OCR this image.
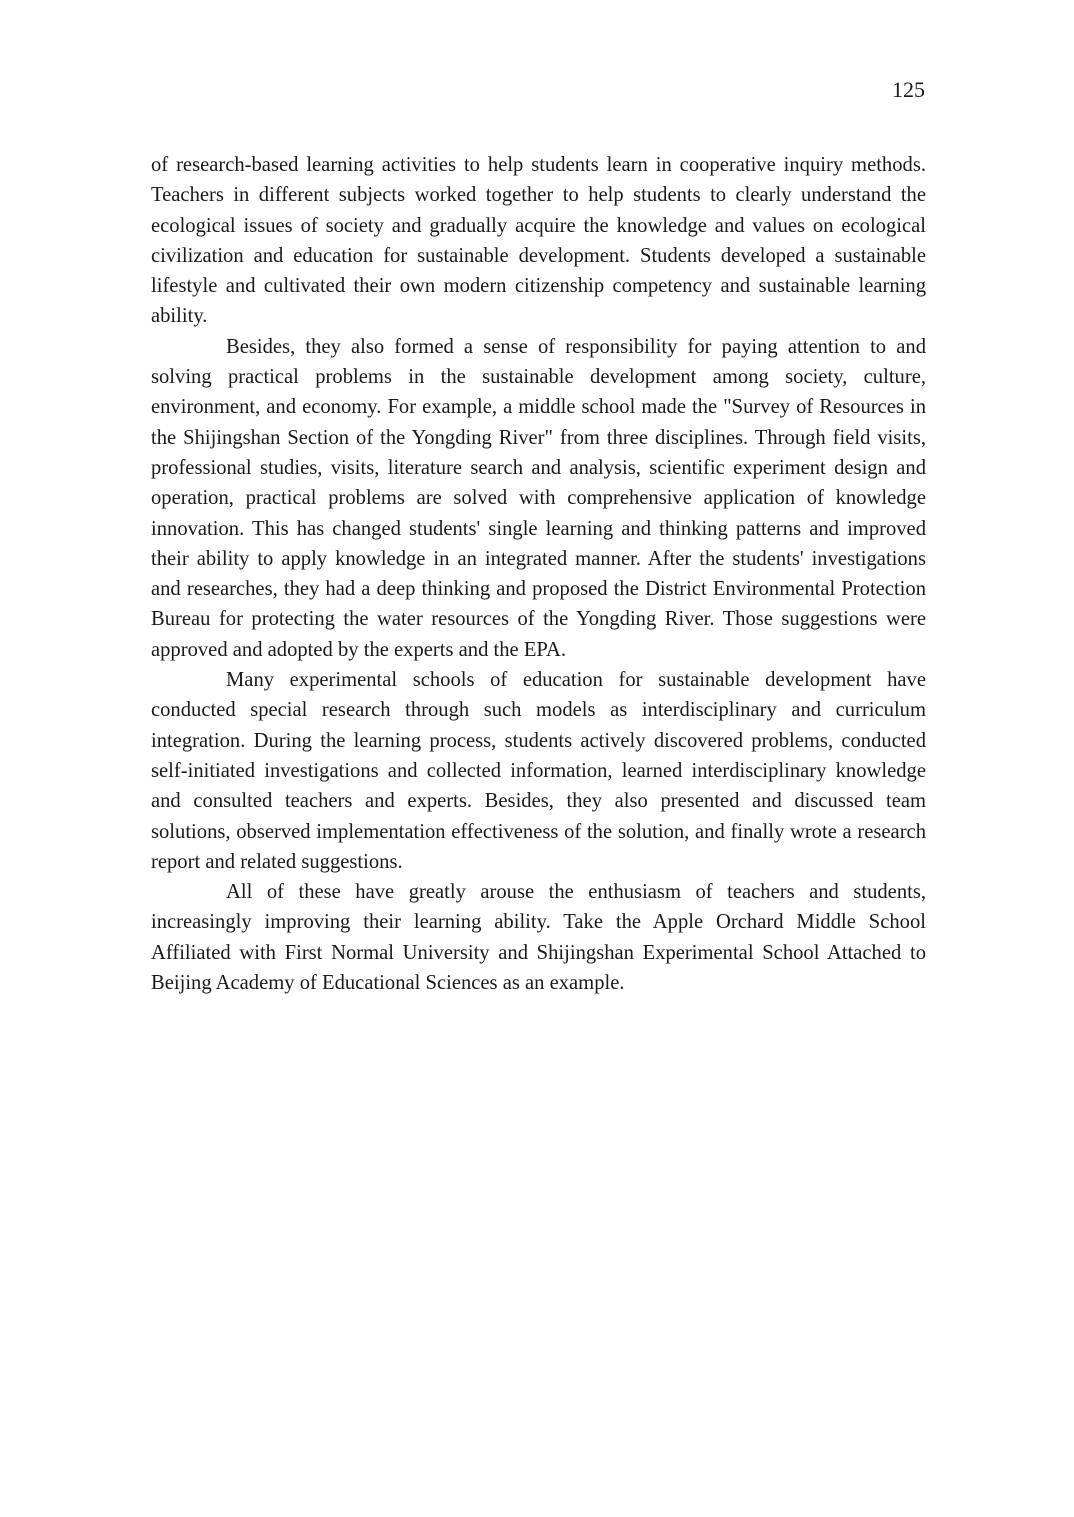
125

of research-based learning activities to help students learn in cooperative inquiry methods. Teachers in different subjects worked together to help students to clearly understand the ecological issues of society and gradually acquire the knowledge and values on ecological civilization and education for sustainable development. Students developed a sustainable lifestyle and cultivated their own modern citizenship competency and sustainable learning ability.

Besides, they also formed a sense of responsibility for paying attention to and solving practical problems in the sustainable development among society, culture, environment, and economy. For example, a middle school made the "Survey of Resources in the Shijingshan Section of the Yongding River" from three disciplines. Through field visits, professional studies, visits, literature search and analysis, scientific experiment design and operation, practical problems are solved with comprehensive application of knowledge innovation. This has changed students' single learning and thinking patterns and improved their ability to apply knowledge in an integrated manner. After the students' investigations and researches, they had a deep thinking and proposed the District Environmental Protection Bureau for protecting the water resources of the Yongding River. Those suggestions were approved and adopted by the experts and the EPA.

Many experimental schools of education for sustainable development have conducted special research through such models as interdisciplinary and curriculum integration. During the learning process, students actively discovered problems, conducted self-initiated investigations and collected information, learned interdisciplinary knowledge and consulted teachers and experts. Besides, they also presented and discussed team solutions, observed implementation effectiveness of the solution, and finally wrote a research report and related suggestions.

All of these have greatly arouse the enthusiasm of teachers and students, increasingly improving their learning ability. Take the Apple Orchard Middle School Affiliated with First Normal University and Shijingshan Experimental School Attached to Beijing Academy of Educational Sciences as an example.
